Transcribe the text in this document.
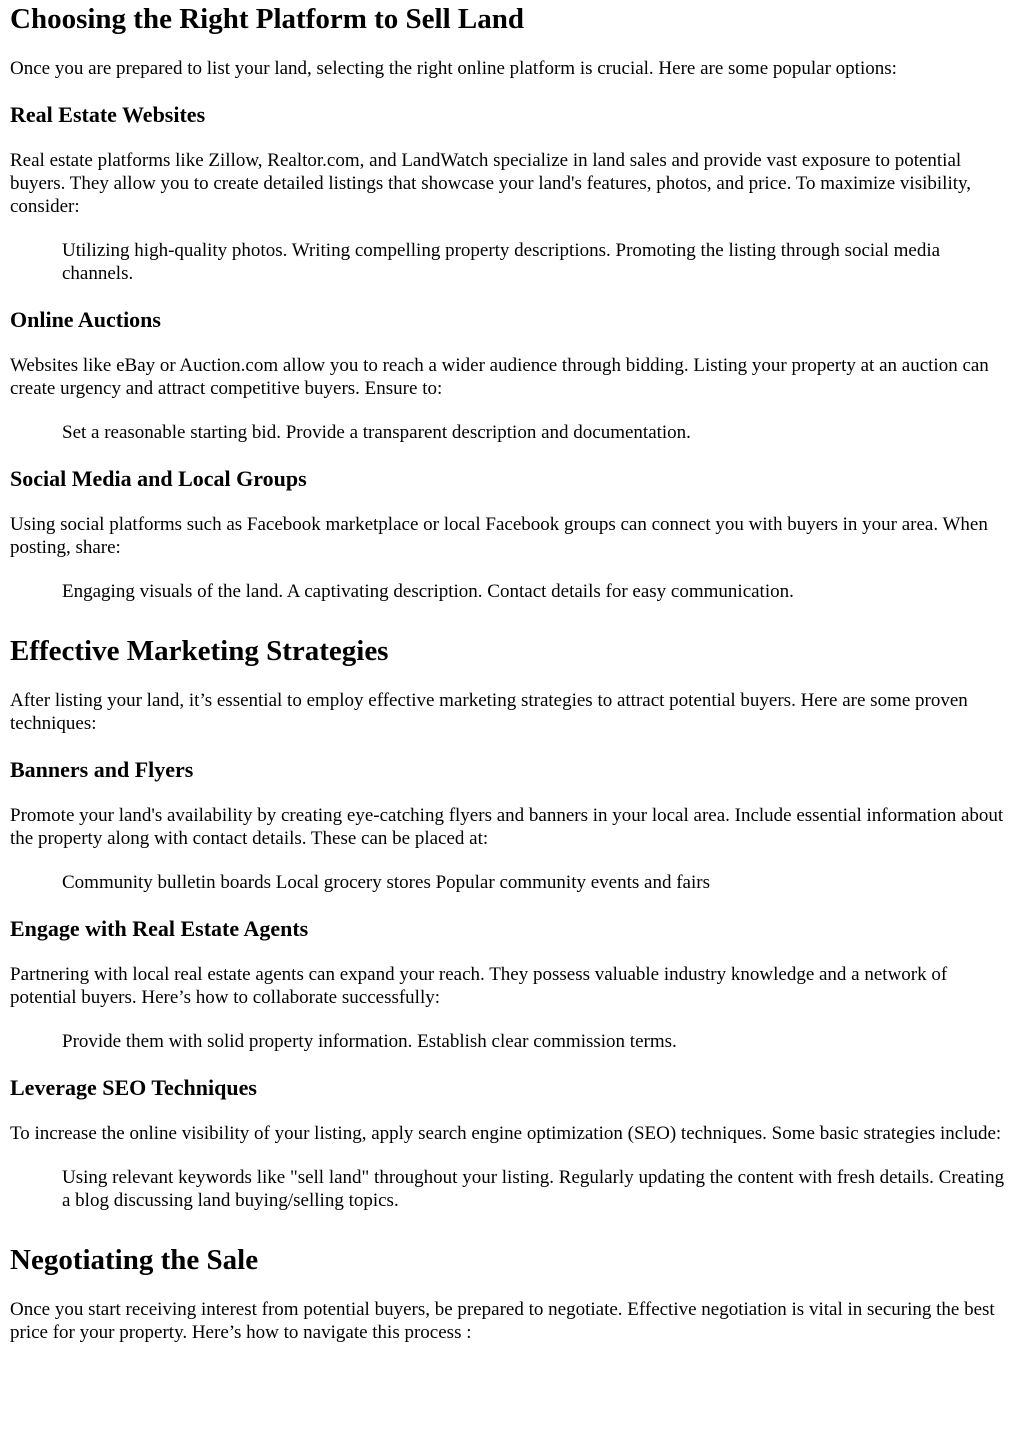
Choosing the Right Platform to Sell Land

Once you are prepared to list your land, selecting the right online platform is crucial. Here are some popular options:

Real Estate Websites

Real estate platforms like Zillow, Realtor.com, and LandWatch specialize in land sales and provide vast exposure to potential buyers. They allow you to create detailed listings that showcase your land's features, photos, and price. To maximize visibility, consider:

Utilizing high-quality photos. Writing compelling property descriptions. Promoting the listing through social media channels.
Online Auctions

Websites like eBay or Auction.com allow you to reach a wider audience through bidding. Listing your property at an auction can create urgency and attract competitive buyers. Ensure to:

Set a reasonable starting bid. Provide a transparent description and documentation.
Social Media and Local Groups

Using social platforms such as Facebook marketplace or local Facebook groups can connect you with buyers in your area. When posting, share:

Engaging visuals of the land. A captivating description. Contact details for easy communication.
Effective Marketing Strategies

After listing your land, it’s essential to employ effective marketing strategies to attract potential buyers. Here are some proven techniques:

Banners and Flyers

Promote your land's availability by creating eye-catching flyers and banners in your local area. Include essential information about the property along with contact details. These can be placed at:

Community bulletin boards Local grocery stores Popular community events and fairs
Engage with Real Estate Agents

Partnering with local real estate agents can expand your reach. They possess valuable industry knowledge and a network of potential buyers. Here’s how to collaborate successfully:

Provide them with solid property information. Establish clear commission terms.
Leverage SEO Techniques

To increase the online visibility of your listing, apply search engine optimization (SEO) techniques. Some basic strategies include:

Using relevant keywords like "sell land" throughout your listing. Regularly updating the content with fresh details. Creating a blog discussing land buying/selling topics.
Negotiating the Sale

Once you start receiving interest from potential buyers, be prepared to negotiate. Effective negotiation is vital in securing the best price for your property. Here’s how to navigate this process :
